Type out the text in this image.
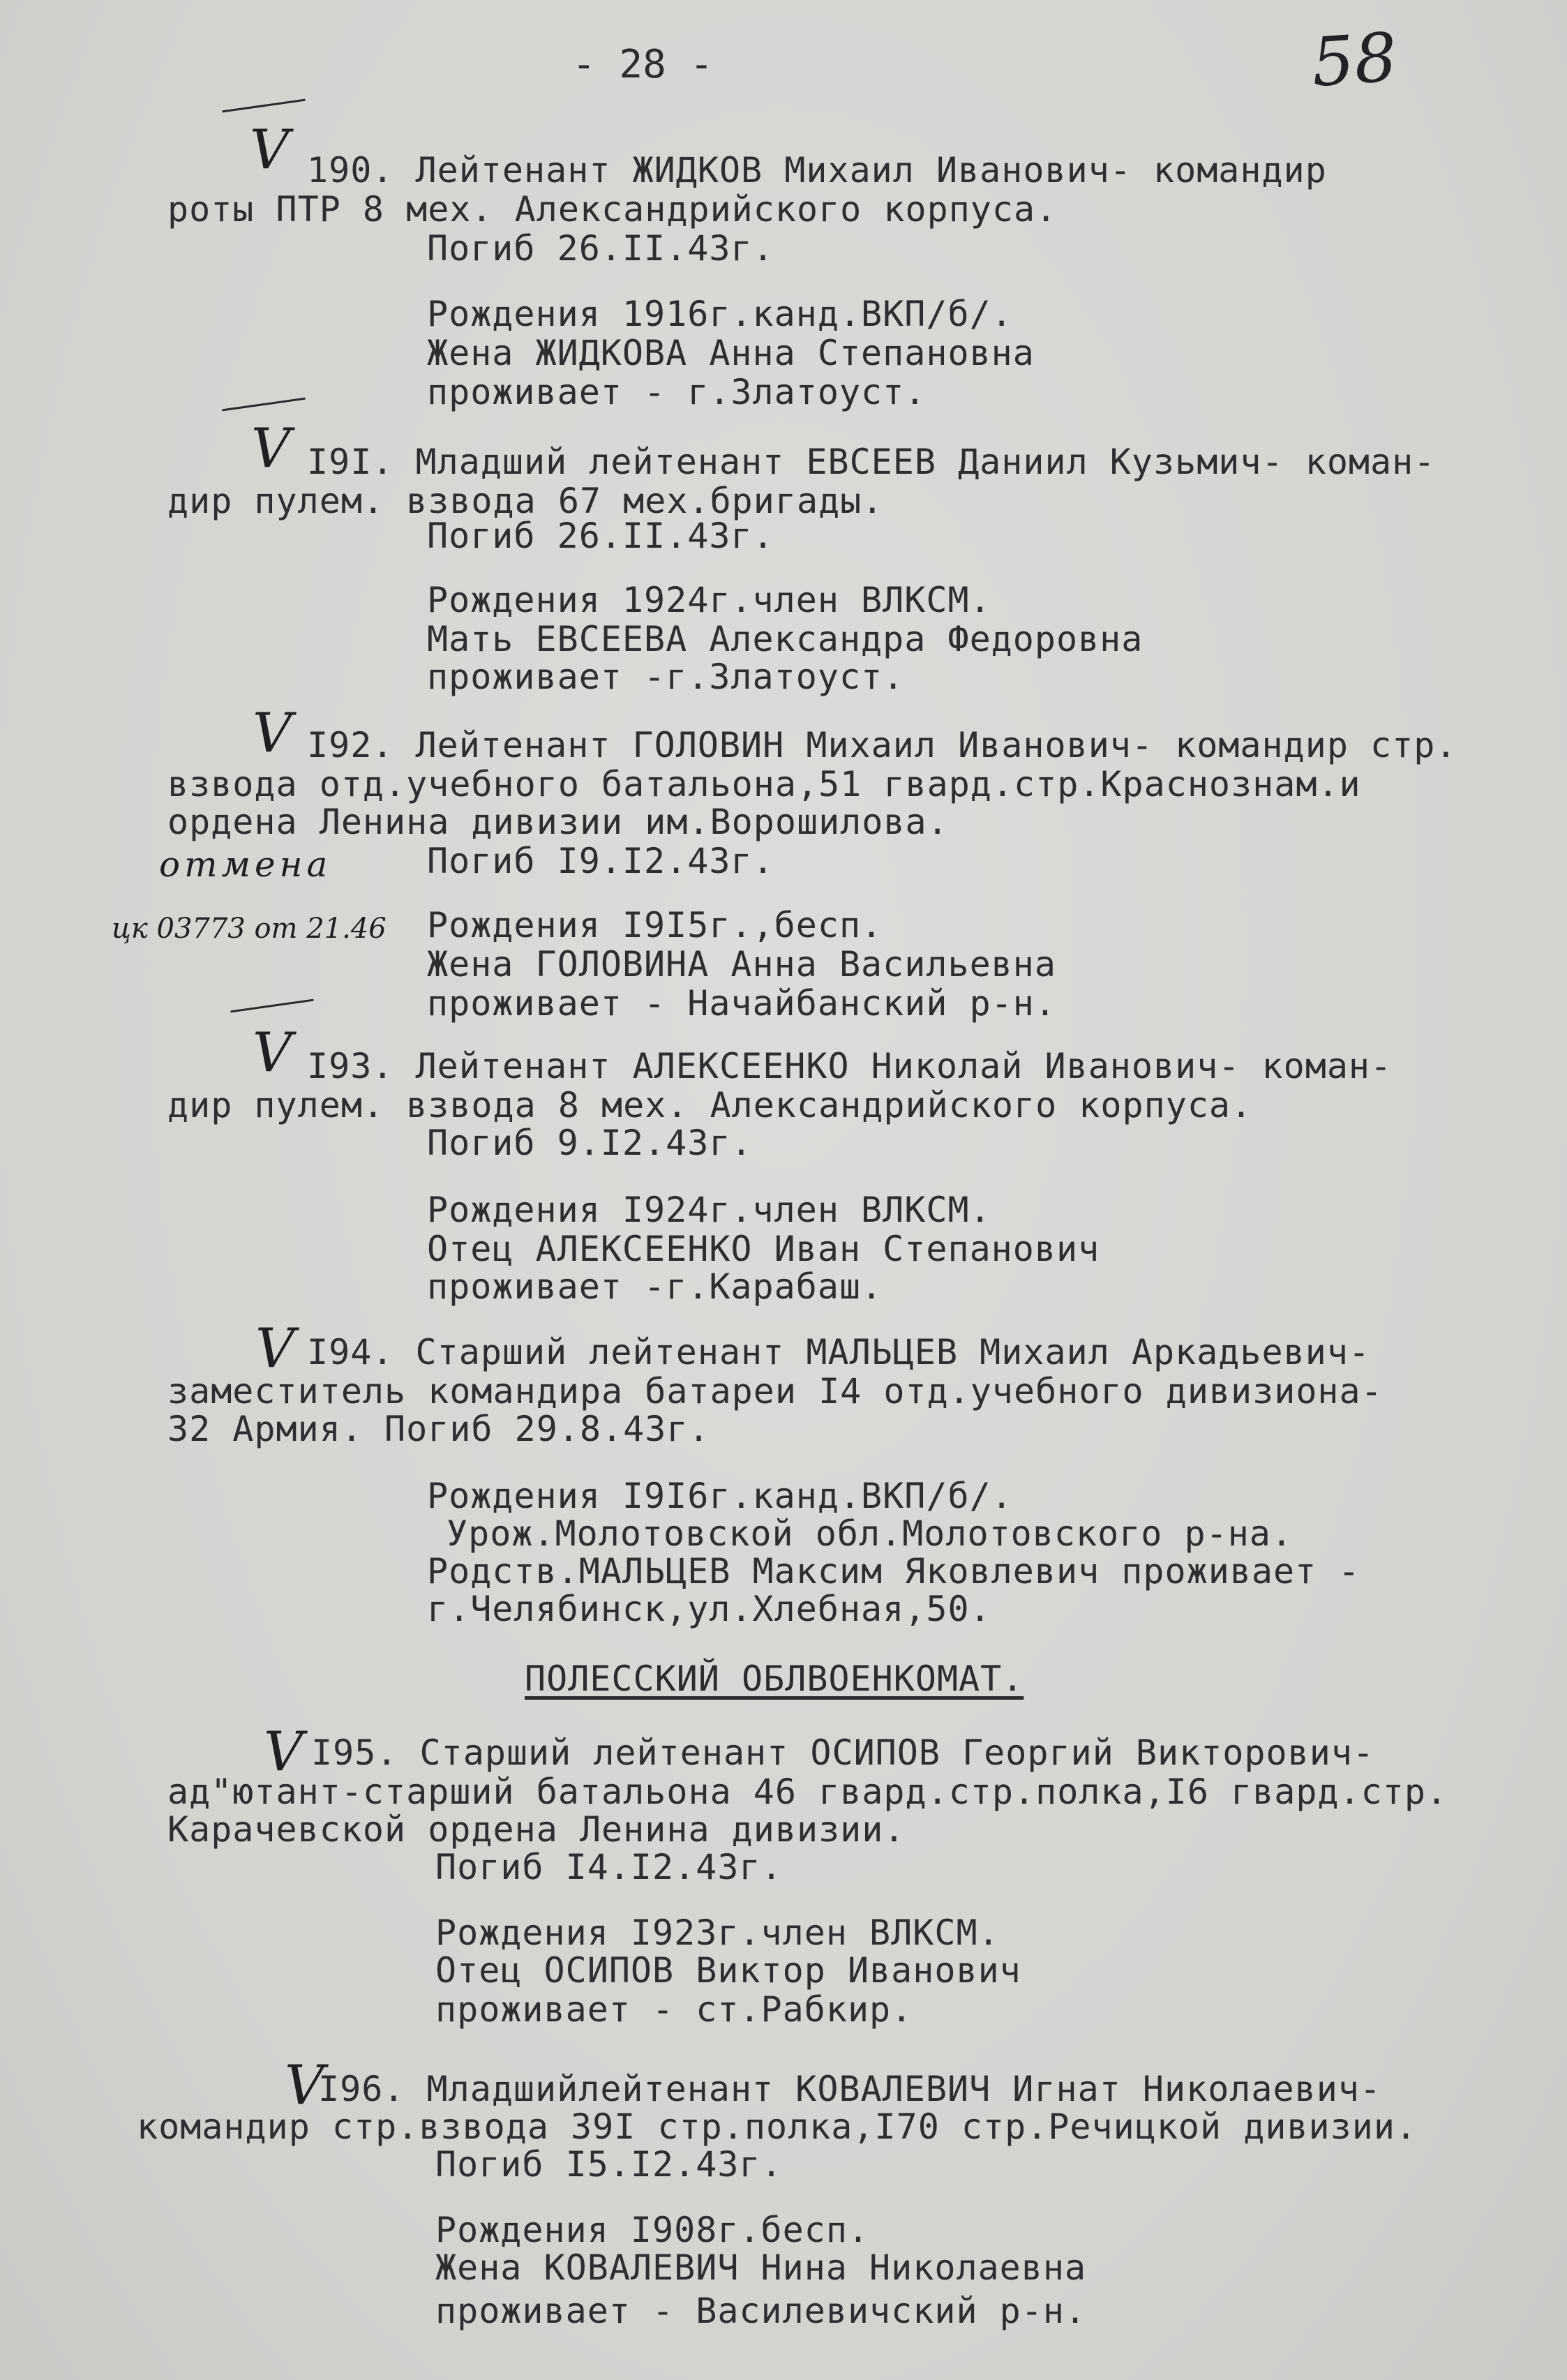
- 28 -	58
V 190. Лейтенант ЖИДКОВ Михаил Иванович- командир
роты ПТР 8 мех. Александрийского корпуса.
Погиб 26.II.43г.
Рождения 1916г.канд.ВКП/б/.
Жена ЖИДКОВА Анна Степановна
проживает - г.Златоуст.
V I9I. Младший лейтенант ЕВСЕЕВ Даниил Кузьмич- коман-
дир пулем. взвода 67 мех.бригады.
Погиб 26.II.43г.
Рождения 1924г.член ВЛКСМ.
Мать ЕВСЕЕВА Александра Федоровна
проживает -г.Златоуст.
V I92. Лейтенант ГОЛОВИН Михаил Иванович- командир стр.
взвода отд.учебного батальона,51 гвард.стр.Краснознам.и
ордена Ленина дивизии им.Ворошилова.
отмена	Погиб I9.I2.43г.
цк 03773 от 21.46 Рождения I9I5г.,бесп.
Жена ГОЛОВИНА Анна Васильевна
проживает - Начайбанский р-н.
V I93. Лейтенант АЛЕКСЕЕНКО Николай Иванович- коман-
дир пулем. взвода 8 мех. Александрийского корпуса.
Погиб 9.I2.43г.
Рождения I924г.член ВЛКСМ.
Отец АЛЕКСЕЕНКО Иван Степанович
проживает -г.Карабаш.
V I94. Старший лейтенант МАЛЬЦЕВ Михаил Аркадьевич-
заместитель командира батареи I4 отд.учебного дивизиона-
32 Армия. Погиб 29.8.43г.
Рождения I9I6г.канд.ВКП/б/.
Урож.Молотовской обл.Молотовского р-на.
Родств.МАЛЬЦЕВ Максим Яковлевич проживает -
г.Челябинск,ул.Хлебная,50.
ПОЛЕССКИЙ ОБЛВОЕНКОМАТ.
V I95. Старший лейтенант ОСИПОВ Георгий Викторович-
ад"ютант-старший батальона 46 гвард.стр.полка,I6 гвард.стр.
Карачевской ордена Ленина дивизии.
Погиб I4.I2.43г.
Рождения I923г.член ВЛКСМ.
Отец ОСИПОВ Виктор Иванович
проживает - ст.Рабкир.
V
I96. Младшийлейтенант КОВАЛЕВИЧ Игнат Николаевич-
командир стр.взвода 39I стр.полка,I70 стр.Речицкой дивизии.
Погиб I5.I2.43г.
Рождения I908г.бесп.
Жена КОВАЛЕВИЧ Нина Николаевна
проживает - Василевичский р-н.
